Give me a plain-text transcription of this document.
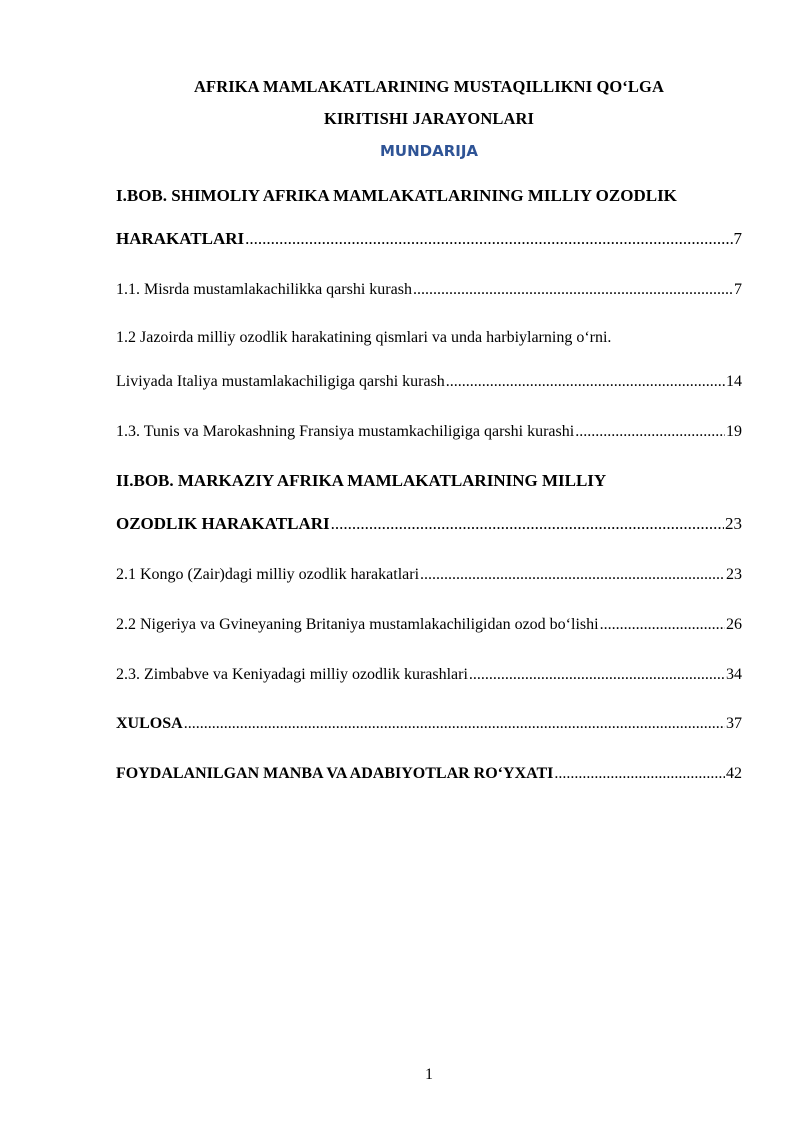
AFRIKA MAMLAKATLARINING MUSTAQILLIKNI QO‘LGA
KIRITISHI JARAYONLARI
MUNDARIJA
I.BOB. SHIMOLIY AFRIKA MAMLAKATLARINING MILLIY OZODLIK
HARAKATLARI .....	7
1.1. Misrda mustamlakachilikka qarshi kurash .....	7
1.2 Jazoirda milliy ozodlik harakatining qismlari va unda harbiylarning o‘rni.
Liviyada Italiya mustamlakachiligiga qarshi kurash .....	14
1.3. Tunis va Marokashning Fransiya mustamkachiligiga qarshi kurashi .....	19
II.BOB. MARKAZIY AFRIKA MAMLAKATLARINING MILLIY
OZODLIK HARAKATLARI .....	23
2.1 Kongo (Zair)dagi milliy ozodlik harakatlari .....	23
2.2 Nigeriya va Gvineyaning Britaniya mustamlakachiligidan ozod bo‘lishi .....	26
2.3. Zimbabve va Keniyadagi milliy ozodlik kurashlari .....	34
XULOSA .....	37
FOYDALANILGAN MANBA VA ADABIYOTLAR RO‘YXATI .....	42
1
